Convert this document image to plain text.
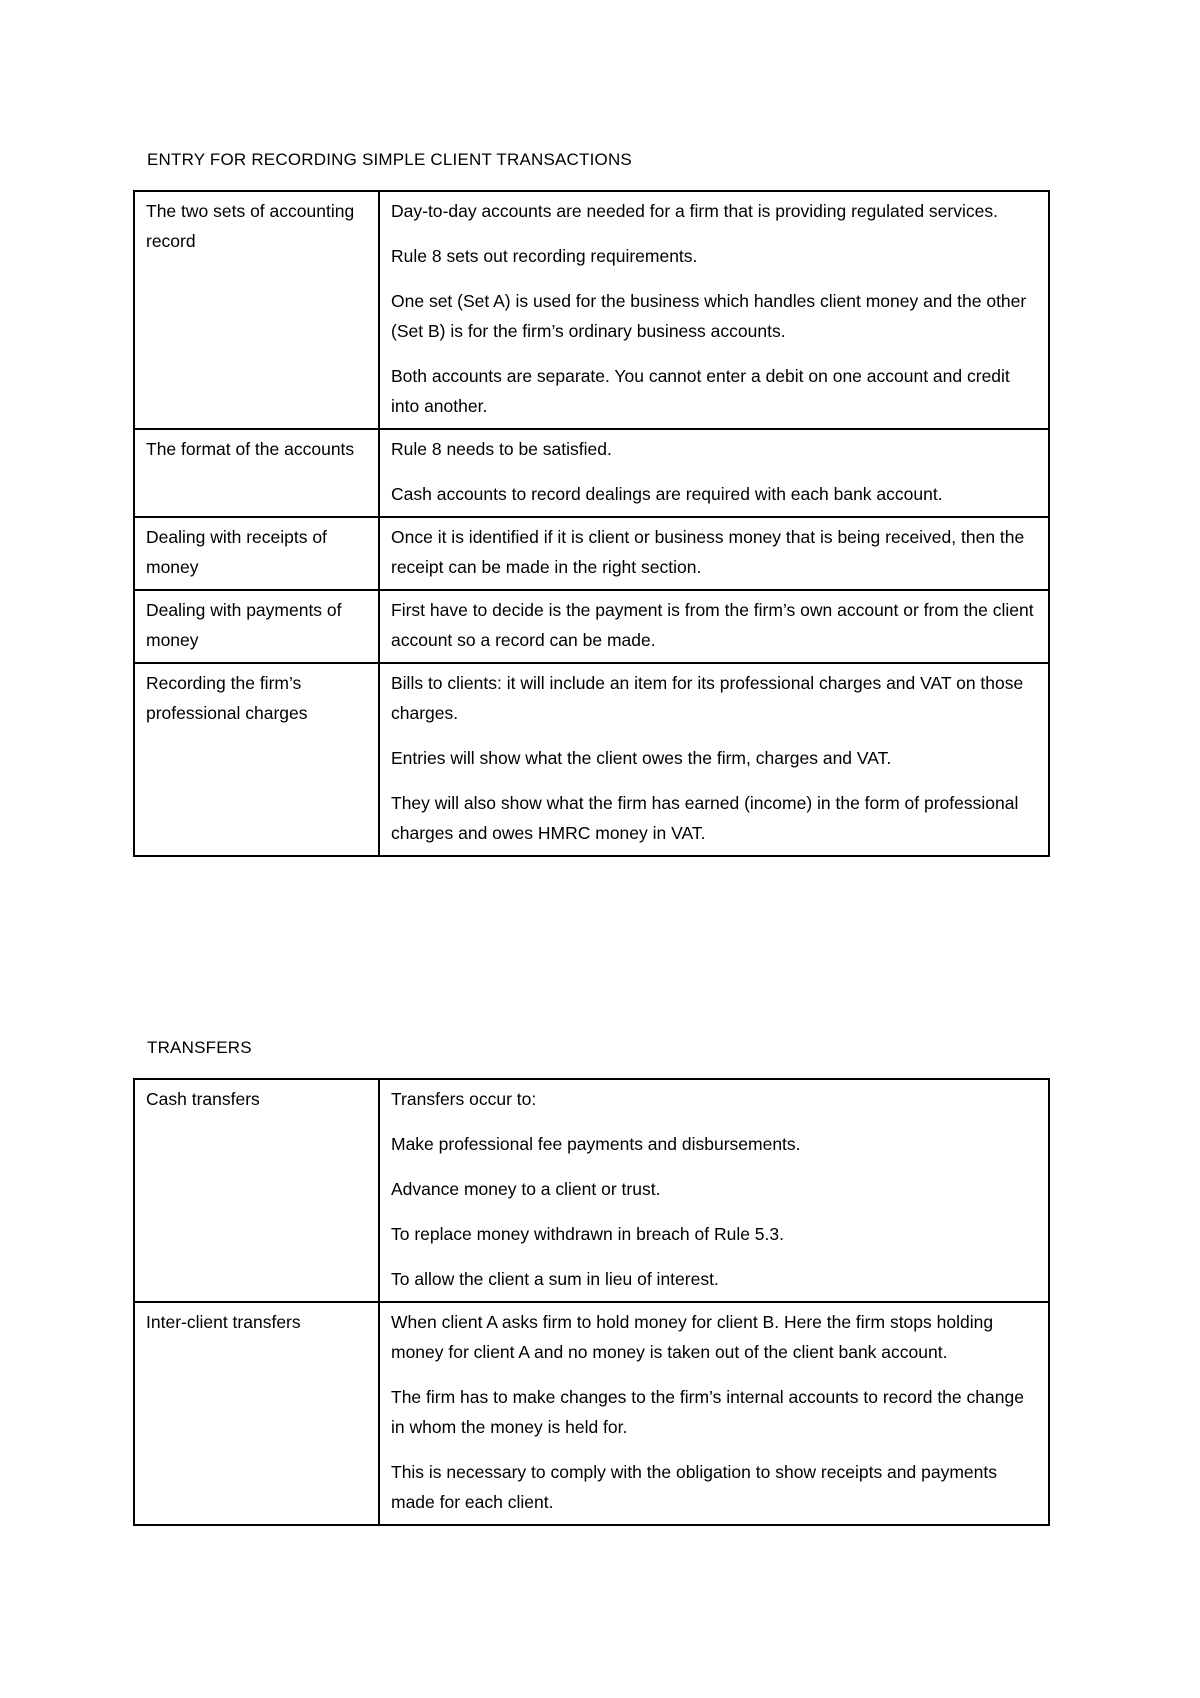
ENTRY FOR RECORDING SIMPLE CLIENT TRANSACTIONS
The two sets of accounting record	Day-to-day accounts are needed for a firm that is providing regulated services.

Rule 8 sets out recording requirements.

One set (Set A) is used for the business which handles client money and the other (Set B) is for the firm’s ordinary business accounts.

Both accounts are separate. You cannot enter a debit on one account and credit into another.

The format of the accounts	Rule 8 needs to be satisfied.

Cash accounts to record dealings are required with each bank account.

Dealing with receipts of money	Once it is identified if it is client or business money that is being received, then the receipt can be made in the right section.

Dealing with payments of money	First have to decide is the payment is from the firm’s own account or from the client account so a record can be made.

Recording the firm’s professional charges	Bills to clients: it will include an item for its professional charges and VAT on those charges.

Entries will show what the client owes the firm, charges and VAT.

They will also show what the firm has earned (income) in the form of professional charges and owes HMRC money in VAT.

TRANSFERS
Cash transfers	Transfers occur to:

Make professional fee payments and disbursements.

Advance money to a client or trust.

To replace money withdrawn in breach of Rule 5.3.

To allow the client a sum in lieu of interest.

Inter-client transfers	When client A asks firm to hold money for client B. Here the firm stops holding money for client A and no money is taken out of the client bank account.

The firm has to make changes to the firm’s internal accounts to record the change in whom the money is held for.

This is necessary to comply with the obligation to show receipts and payments made for each client.
